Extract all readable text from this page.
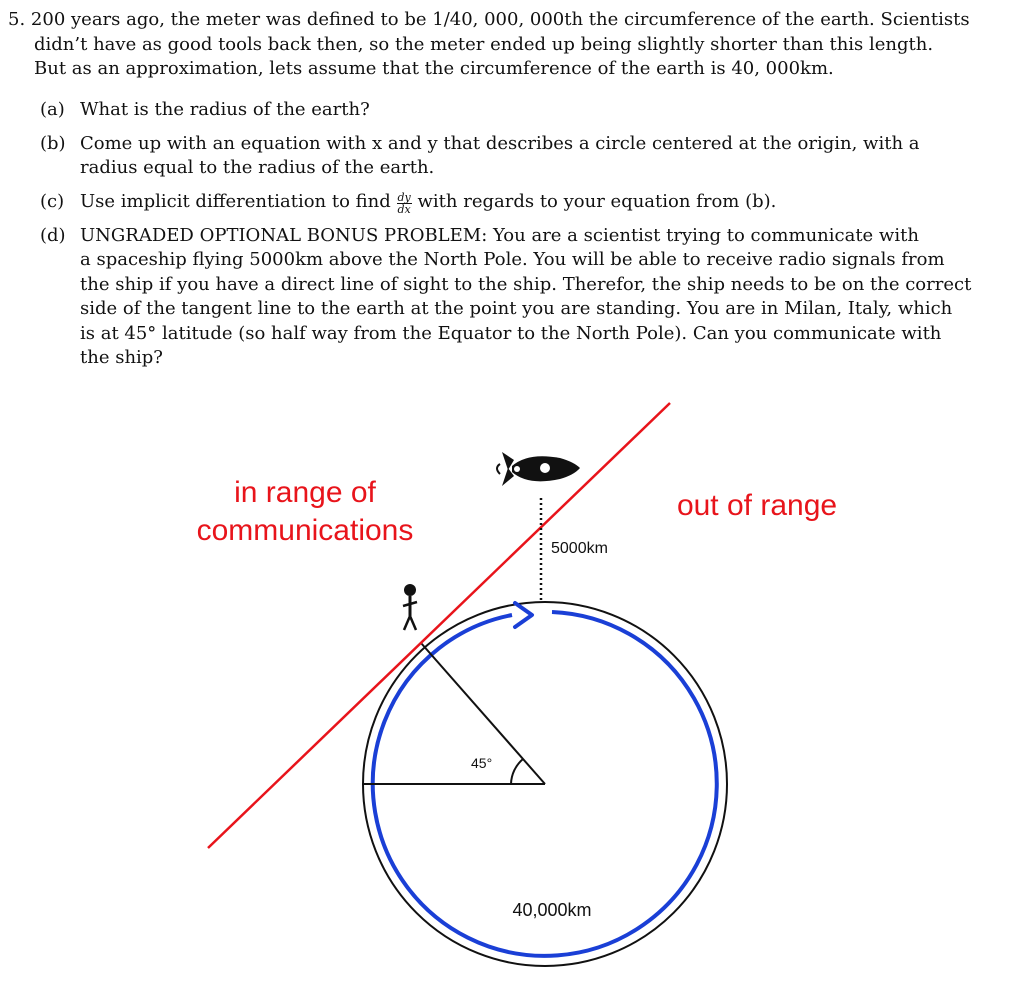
5. 200 years ago, the meter was defined to be 1/40, 000, 000th the circumference of the earth. Scientists
didn’t have as good tools back then, so the meter ended up being slightly shorter than this length.
But as an approximation, lets assume that the circumference of the earth is 40, 000km.
(a) What is the radius of the earth?
(b) Come up with an equation with x and y that describes a circle centered at the origin, with a
radius equal to the radius of the earth.
(c) Use implicit differentiation to find $\frac{dy}{dx}$ with regards to your equation from (b).
(d) UNGRADED OPTIONAL BONUS PROBLEM: You are a scientist trying to communicate with
a spaceship flying 5000km above the North Pole. You will be able to receive radio signals from
the ship if you have a direct line of sight to the ship. Therefor, the ship needs to be on the correct
side of the tangent line to the earth at the point you are standing. You are in Milan, Italy, which
is at 45° latitude (so half way from the Equator to the North Pole). Can you communicate with
the ship?
in range of
communications
out of range
5000km
45°
40,000km
